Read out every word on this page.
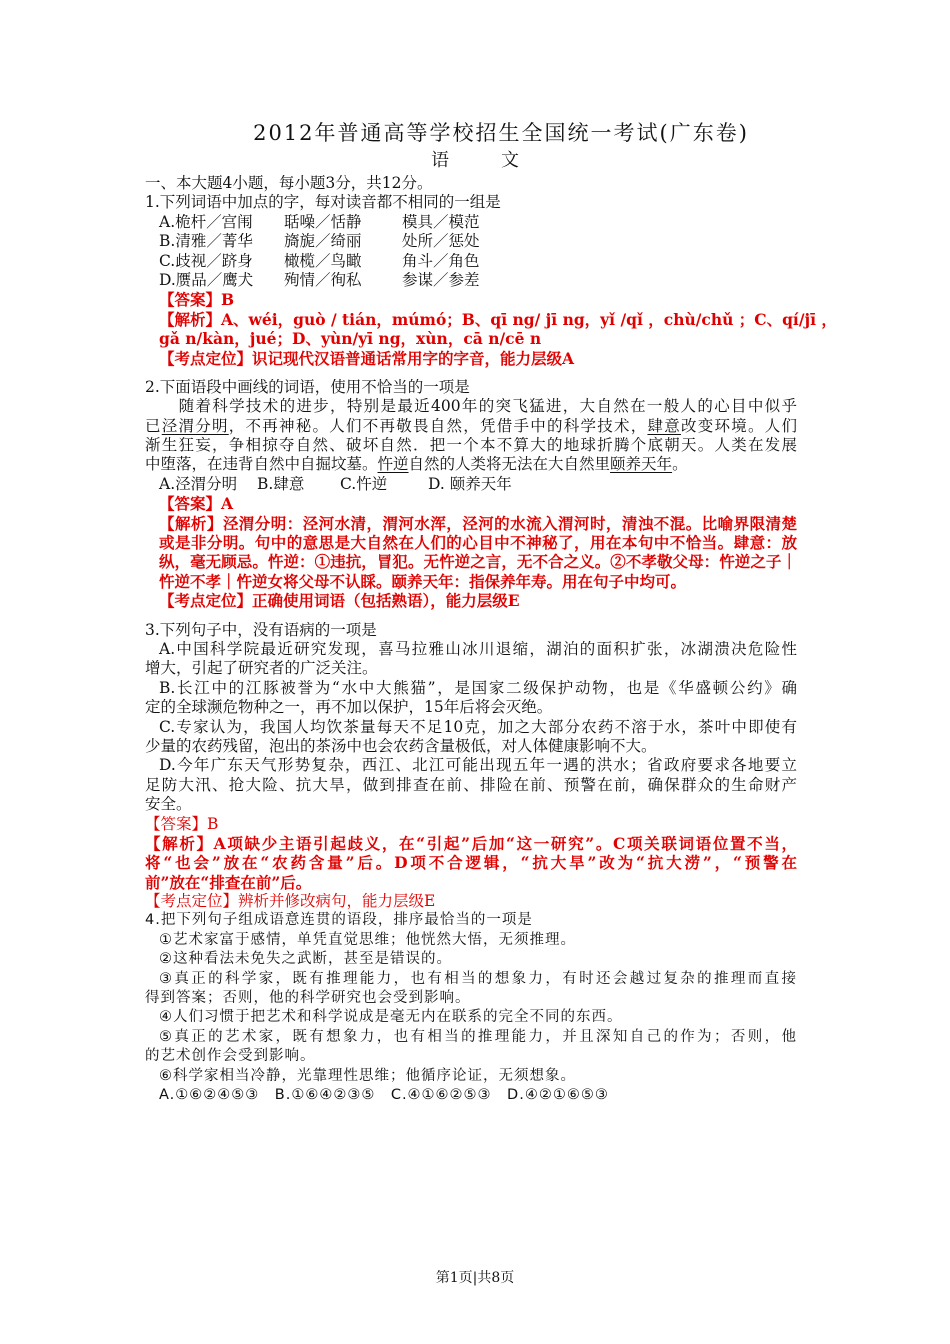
2012年普通高等学校招生全国统一考试(广东卷)
语文
一、本大题4小题，每小题3分，共12分。
1.下列词语中加点的字，每对读音都不相同的一组是
A.桅杆／宫闱 聒噪／恬静	模具／模范
B.清雅／菁华 旖旎／绮丽	处所／惩处
C.歧视／跻身 橄榄／鸟瞰	角斗／角色
D.赝品／鹰犬 殉情／徇私	参谋／参差
【答案】B
【解析】A、wéi，guò / tián，múmó；B、qī ng/ jī ng，yǐ /qǐ ，chù/chǔ ；C、qí/jī ，
gǎ n/kàn，jué；D、yùn/yī ng，xùn，cā n/cē n
【考点定位】识记现代汉语普通话常用字的字音，能力层级A
2.下面语段中画线的词语，使用不恰当的一项是
　　随着科学技术的进步，特别是最近400年的突飞猛进，大自然在一般人的心目中似乎
已泾渭分明，不再神秘。人们不再敬畏自然，凭借手中的科学技术，肆意改变环境。人们
渐生狂妄，争相掠夺自然、破坏自然．把一个本不算大的地球折腾个底朝天。人类在发展
中堕落，在违背自然中自掘坟墓。忤逆自然的人类将无法在大自然里颐养天年。
A.泾渭分明 B.肆意 C.忤逆	D. 颐养天年
【答案】A
【解析】泾渭分明：泾河水清，渭河水浑，泾河的水流入渭河时，清浊不混。比喻界限清楚
或是非分明。句中的意思是大自然在人们的心目中不神秘了，用在本句中不恰当。肆意：放
纵，毫无顾忌。忤逆：①违抗，冒犯。无忤逆之言，无不合之义。②不孝敬父母：忤逆之子｜
忤逆不孝｜忤逆女将父母不认睬。颐养天年：指保养年寿。用在句子中均可。
【考点定位】正确使用词语（包括熟语），能力层级E
3.下列句子中，没有语病的一项是
A.中国科学院最近研究发现，喜马拉雅山冰川退缩，湖泊的面积扩张，冰湖溃决危险性
增大，引起了研究者的广泛关注。
B.长江中的江豚被誉为“水中大熊猫”，是国家二级保护动物，也是《华盛顿公约》确
定的全球濒危物种之一，再不加以保护，15年后将会灭绝。
C.专家认为，我国人均饮茶量每天不足10克，加之大部分农药不溶于水，茶叶中即使有
少量的农药残留，泡出的茶汤中也会农药含量极低，对人体健康影响不大。
D.今年广东天气形势复杂，西江、北江可能出现五年一遇的洪水；省政府要求各地要立
足防大汛、抢大险、抗大旱，做到排查在前、排险在前、预警在前，确保群众的生命财产
安全。
【答案】B
【解析】A项缺少主语引起歧义，在“引起”后加“这一研究”。C项关联词语位置不当，
将“也会”放在“农药含量”后。D项不合逻辑，“抗大旱”改为“抗大涝”，“预警在
前”放在“排查在前”后。
【考点定位】辨析并修改病句，能力层级E
4.把下列句子组成语意连贯的语段，排序最恰当的一项是
①艺术家富于感情，单凭直觉思维；他恍然大悟，无须推理。
②这种看法未免失之武断，甚至是错误的。
③真正的科学家，既有推理能力，也有相当的想象力，有时还会越过复杂的推理而直接
得到答案；否则，他的科学研究也会受到影响。
④人们习惯于把艺术和科学说成是毫无内在联系的完全不同的东西。
⑤真正的艺术家，既有想象力，也有相当的推理能力，并且深知自己的作为；否则，他
的艺术创作会受到影响。
⑥科学家相当冷静，光靠理性思维；他循序论证，无须想象。
A.①⑥②④⑤③　B.①⑥④②③⑤　C.④①⑥②⑤③　D.④②①⑥⑤③
第1页|共8页
